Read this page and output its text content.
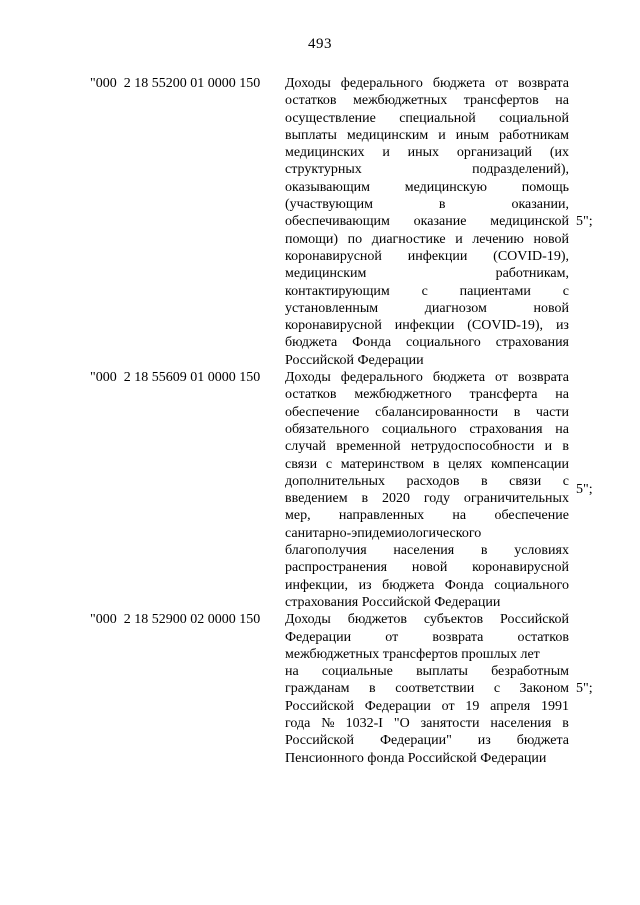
493
"000  2 18 55200 01 0000 150	Доходы федерального бюджета от возврата
остатков межбюджетных трансфертов на
осуществление специальной социальной
выплаты медицинским и иным работникам
медицинских и иных организаций (их
структурных	подразделений),
оказывающим медицинскую помощь
(участвующим	в	оказании,
обеспечивающим оказание медицинской
помощи) по диагностике и лечению новой
коронавирусной инфекции (COVID-19),
медицинским	работникам,
контактирующим с пациентами с
установленным	диагнозом	новой
коронавирусной инфекции (COVID-19), из
бюджета Фонда социального страхования
Российской Федерации
5";
"000  2 18 55609 01 0000 150	Доходы федерального бюджета от возврата
остатков межбюджетного трансферта на
обеспечение сбалансированности в части
обязательного социального страхования на
случай временной нетрудоспособности и в
связи с материнством в целях компенсации
дополнительных расходов в связи с
введением в 2020 году ограничительных
мер, направленных на обеспечение
санитарно-эпидемиологического
благополучия населения в условиях
распространения новой коронавирусной
инфекции, из бюджета Фонда социального
страхования Российской Федерации
5";
"000  2 18 52900 02 0000 150	Доходы бюджетов субъектов Российской
Федерации от возврата остатков
межбюджетных трансфертов прошлых лет
на социальные выплаты безработным
гражданам в соответствии с Законом
Российской Федерации от 19 апреля 1991
года № 1032-I "О занятости населения в
Российской Федерации" из бюджета
Пенсионного фонда Российской Федерации
5";
